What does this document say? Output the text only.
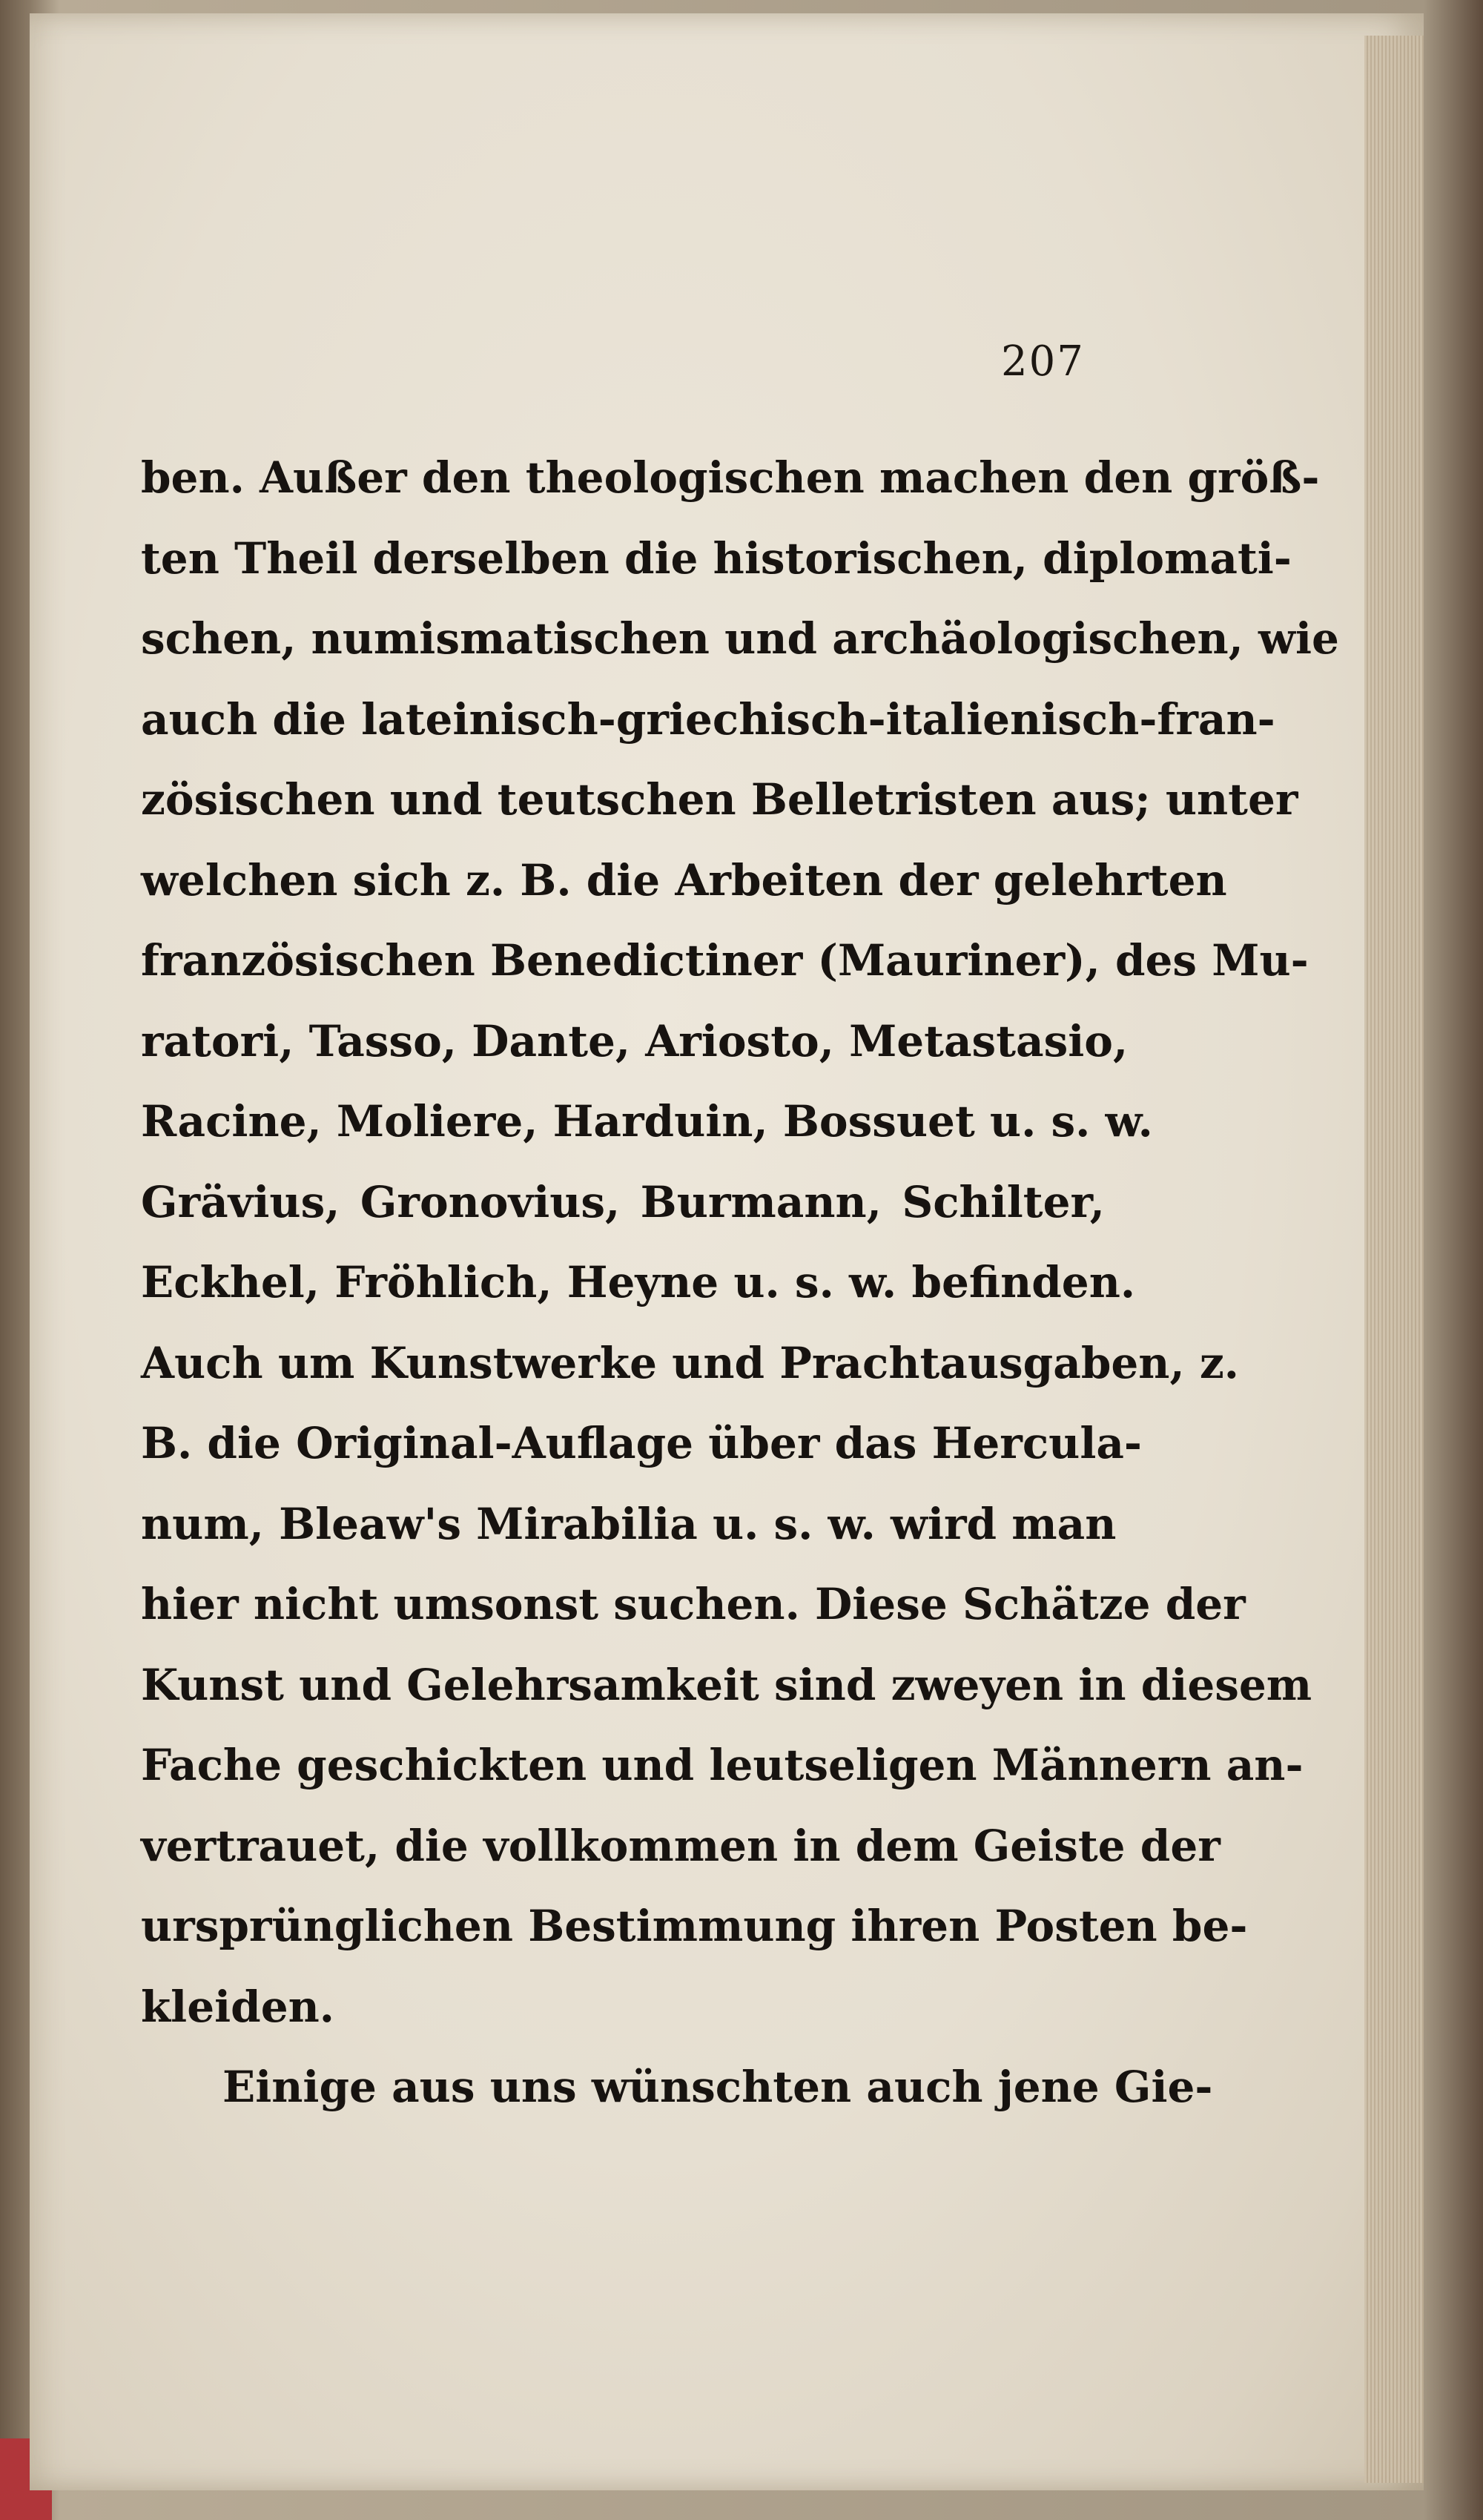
207
ben. Außer den theologischen machen den größ-
ten Theil derselben die historischen, diplomati-
schen, numismatischen und archäologischen, wie
auch die lateinisch-griechisch-italienisch-fran-
zösischen und teutschen Belletristen aus; unter
welchen sich z. B. die Arbeiten der gelehrten
französischen Benedictiner (Mauriner), des Mu-
ratori, Tasso, Dante, Ariosto, Metastasio,
Racine, Moliere, Harduin, Bossuet u. s. w.
Grävius, Gronovius, Burmann, Schilter,
Eckhel, Fröhlich, Heyne u. s. w. befinden.
Auch um Kunstwerke und Prachtausgaben, z.
B. die Original-Auflage über das Hercula-
num, Bleaw's Mirabilia u. s. w. wird man
hier nicht umsonst suchen. Diese Schätze der
Kunst und Gelehrsamkeit sind zweyen in diesem
Fache geschickten und leutseligen Männern an-
vertrauet, die vollkommen in dem Geiste der
ursprünglichen Bestimmung ihren Posten be-
kleiden.
Einige aus uns wünschten auch jene Gie-
